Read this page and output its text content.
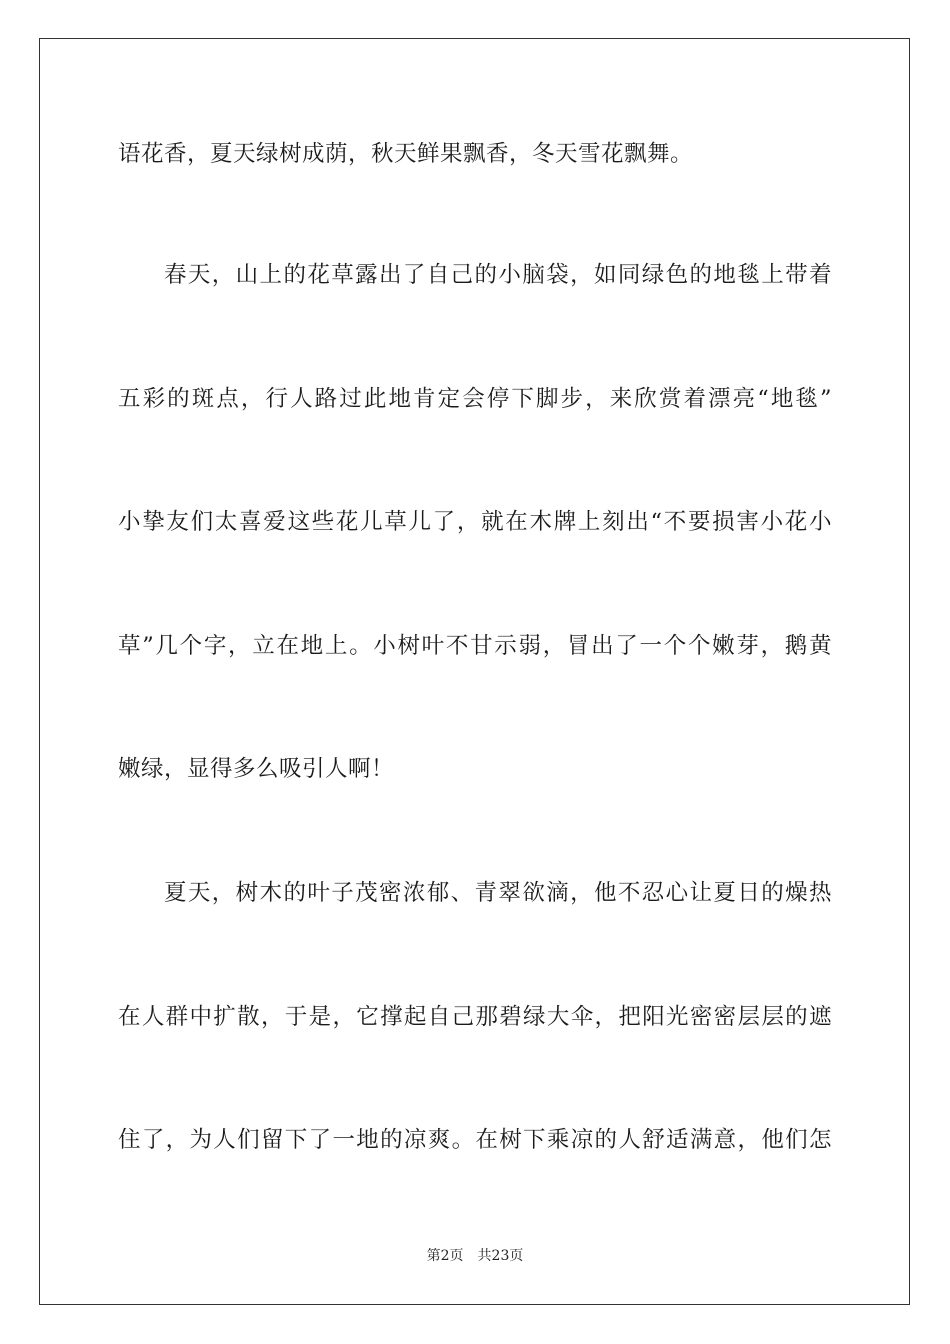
语花香，夏天绿树成荫，秋天鲜果飘香，冬天雪花飘舞。
春天，山上的花草露出了自己的小脑袋，如同绿色的地毯上带着
五彩的斑点，行人路过此地肯定会停下脚步，来欣赏着漂亮“地毯”
小挚友们太喜爱这些花儿草儿了，就在木牌上刻出“不要损害小花小
草”几个字，立在地上。小树叶不甘示弱，冒出了一个个嫩芽，鹅黄
嫩绿，显得多么吸引人啊！
夏天，树木的叶子茂密浓郁、青翠欲滴，他不忍心让夏日的燥热
在人群中扩散，于是，它撑起自己那碧绿大伞，把阳光密密层层的遮
住了，为人们留下了一地的凉爽。在树下乘凉的人舒适满意，他们怎
第2页 共23页
